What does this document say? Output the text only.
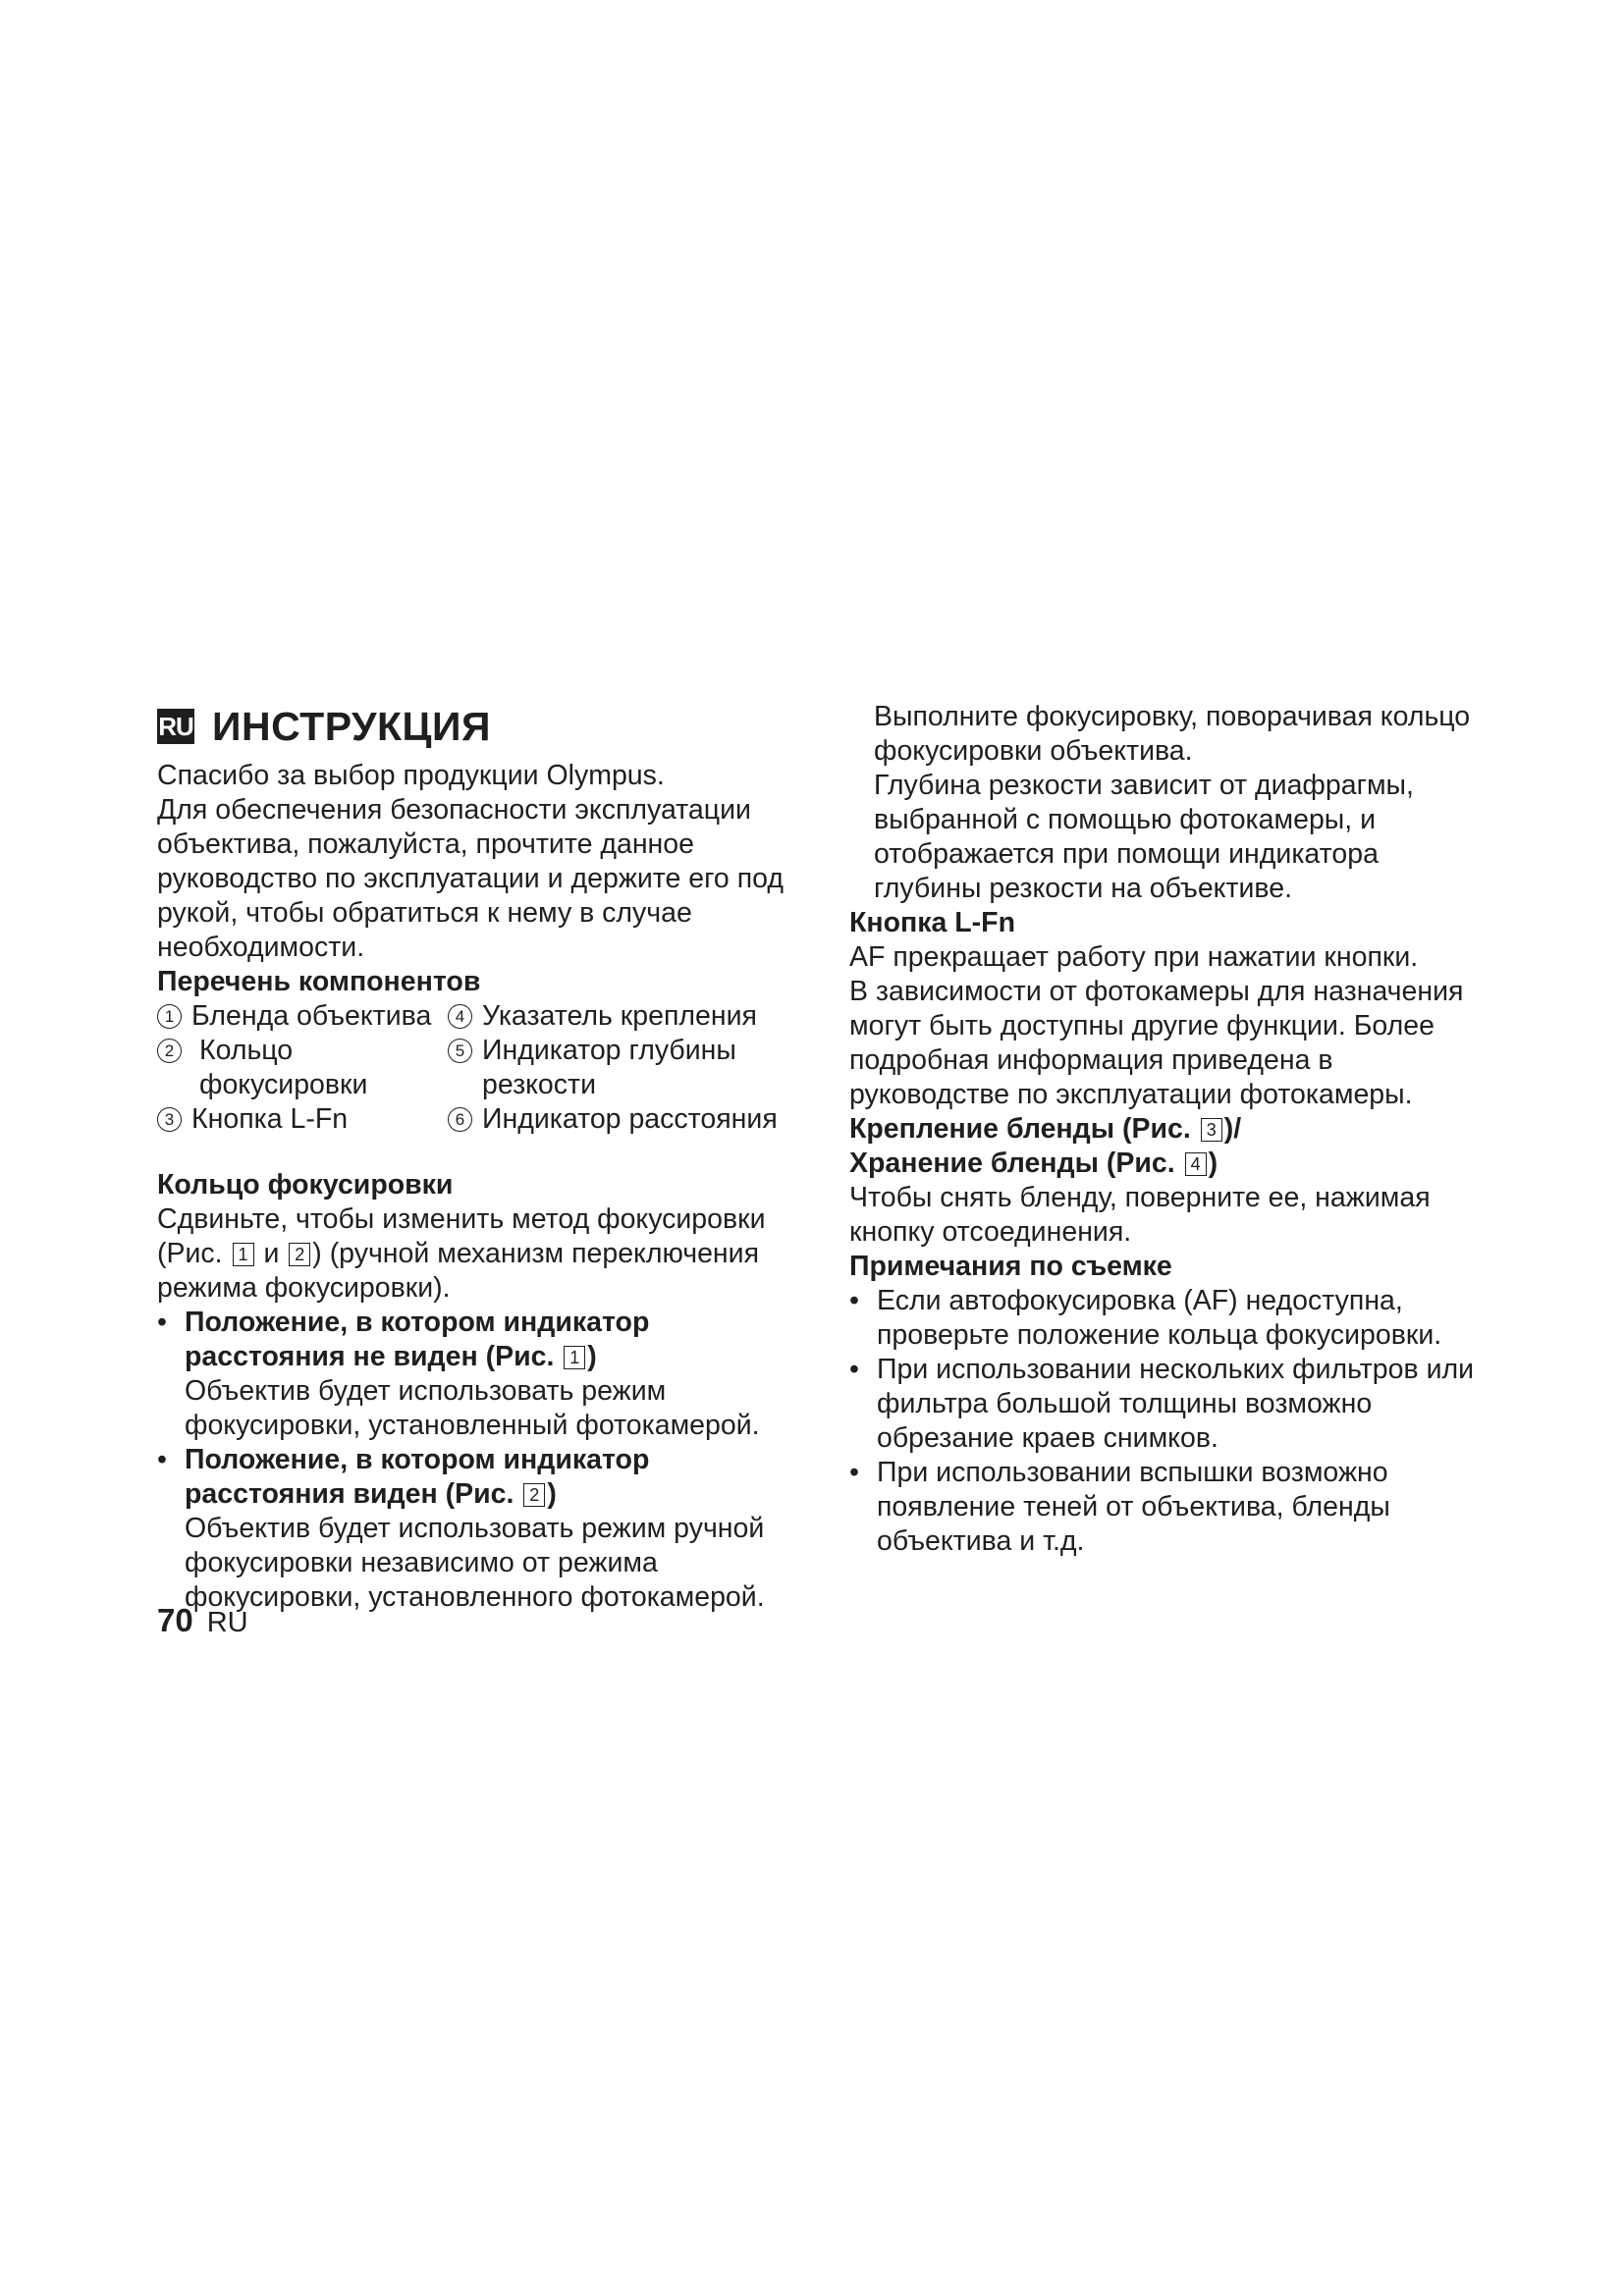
RU ИНСТРУКЦИЯ

Спасибо за выбор продукции Olympus.

Для обеспечения безопасности эксплуатации объектива, пожалуйста, прочтите данное руководство по эксплуатации и держите его под рукой, чтобы обратиться к нему в случае необходимости.

Перечень компонентов

1 Бленда объектива	4 Указатель крепления
2 Кольцо фокусировки
5 Индикатор глубины резкости
3 Кнопка L-Fn	6 Индикатор расстояния

Кольцо фокусировки

Сдвиньте, чтобы изменить метод фокусировки (Рис. 1 и 2 ) (ручной механизм переключения режима фокусировки).

• Положение, в котором индикатор расстояния не виден (Рис. 1 )

Объектив будет использовать режим фокусировки, установленный фотокамерой.

• Положение, в котором индикатор расстояния виден (Рис. 2 )

Объектив будет использовать режим ручной фокусировки независимо от режима фокусировки, установленного фотокамерой.

Выполните фокусировку, поворачивая кольцо фокусировки объектива.

Глубина резкости зависит от диафрагмы, выбранной с помощью фотокамеры, и отображается при помощи индикатора глубины резкости на объективе.

Кнопка L-Fn

AF прекращает работу при нажатии кнопки.

В зависимости от фотокамеры для назначения могут быть доступны другие функции. Более подробная информация приведена в руководстве по эксплуатации фотокамеры.

Крепление бленды (Рис. 3 )/

Хранение бленды (Рис. 4 )

Чтобы снять бленду, поверните ее, нажимая кнопку отсоединения.

Примечания по съемке

• Если автофокусировка (AF) недоступна, проверьте положение кольца фокусировки.
• При использовании нескольких фильтров или фильтра большой толщины возможно обрезание краев снимков.
• При использовании вспышки возможно появление теней от объектива, бленды объектива и т.д.
70 RU
